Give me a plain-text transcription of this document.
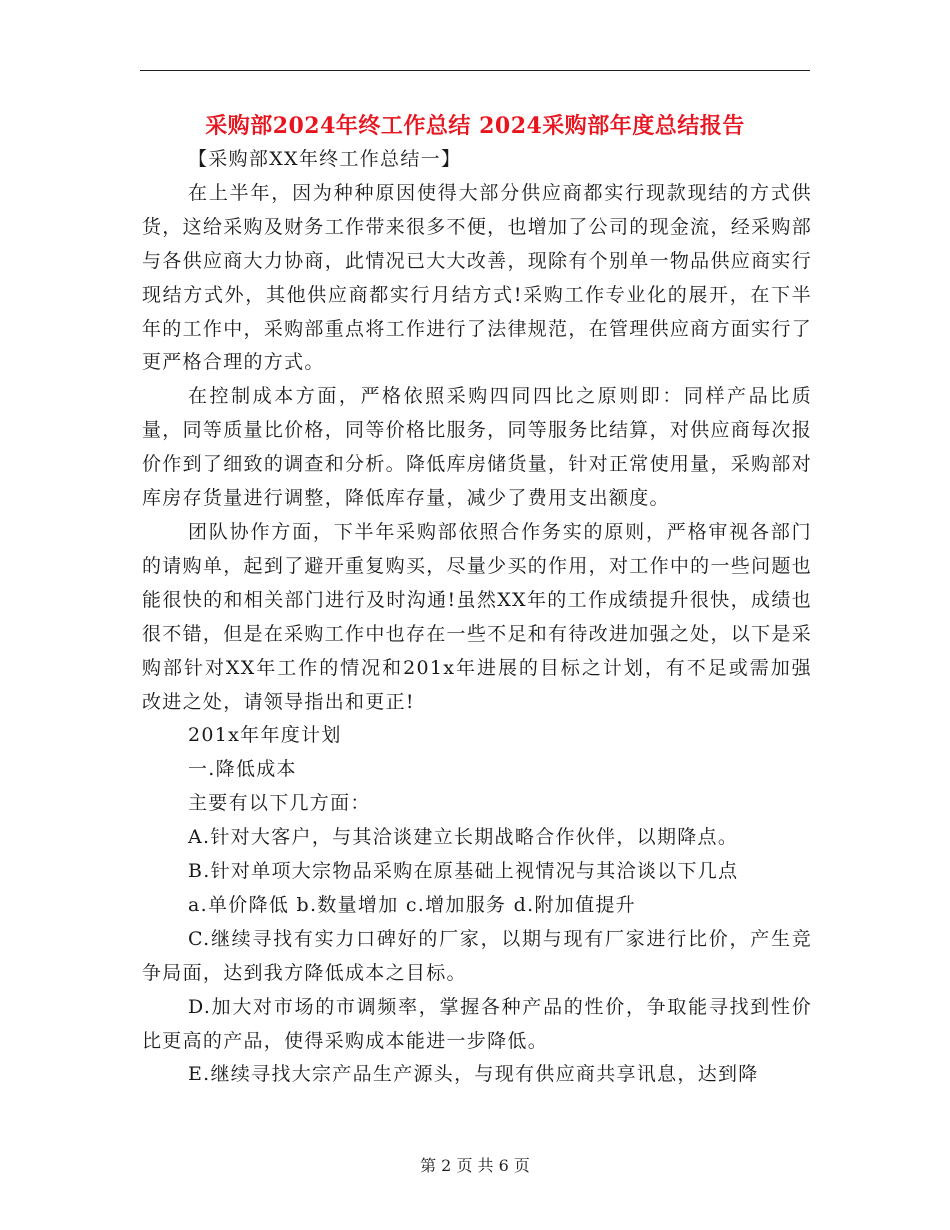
采购部2024年终工作总结 2024采购部年度总结报告

【采购部XX年终工作总结一】

在上半年，因为种种原因使得大部分供应商都实行现款现结的方式供货，这给采购及财务工作带来很多不便，也增加了公司的现金流，经采购部与各供应商大力协商，此情况已大大改善，现除有个别单一物品供应商实行现结方式外，其他供应商都实行月结方式!采购工作专业化的展开，在下半年的工作中，采购部重点将工作进行了法律规范，在管理供应商方面实行了更严格合理的方式。

在控制成本方面，严格依照采购四同四比之原则即：同样产品比质量，同等质量比价格，同等价格比服务，同等服务比结算，对供应商每次报价作到了细致的调查和分析。降低库房储货量，针对正常使用量，采购部对库房存货量进行调整，降低库存量，减少了费用支出额度。

团队协作方面，下半年采购部依照合作务实的原则，严格审视各部门的请购单，起到了避开重复购买，尽量少买的作用，对工作中的一些问题也能很快的和相关部门进行及时沟通!虽然XX年的工作成绩提升很快，成绩也很不错，但是在采购工作中也存在一些不足和有待改进加强之处，以下是采购部针对XX年工作的情况和201x年进展的目标之计划，有不足或需加强改进之处，请领导指出和更正!

201x年年度计划

一.降低成本

主要有以下几方面：

A.针对大客户，与其洽谈建立长期战略合作伙伴，以期降点。

B.针对单项大宗物品采购在原基础上视情况与其洽谈以下几点

a.单价降低 b.数量增加 c.增加服务 d.附加值提升

C.继续寻找有实力口碑好的厂家，以期与现有厂家进行比价，产生竞争局面，达到我方降低成本之目标。

D.加大对市场的市调频率，掌握各种产品的性价，争取能寻找到性价比更高的产品，使得采购成本能进一步降低。

E.继续寻找大宗产品生产源头，与现有供应商共享讯息，达到降

第 2 页 共 6 页
